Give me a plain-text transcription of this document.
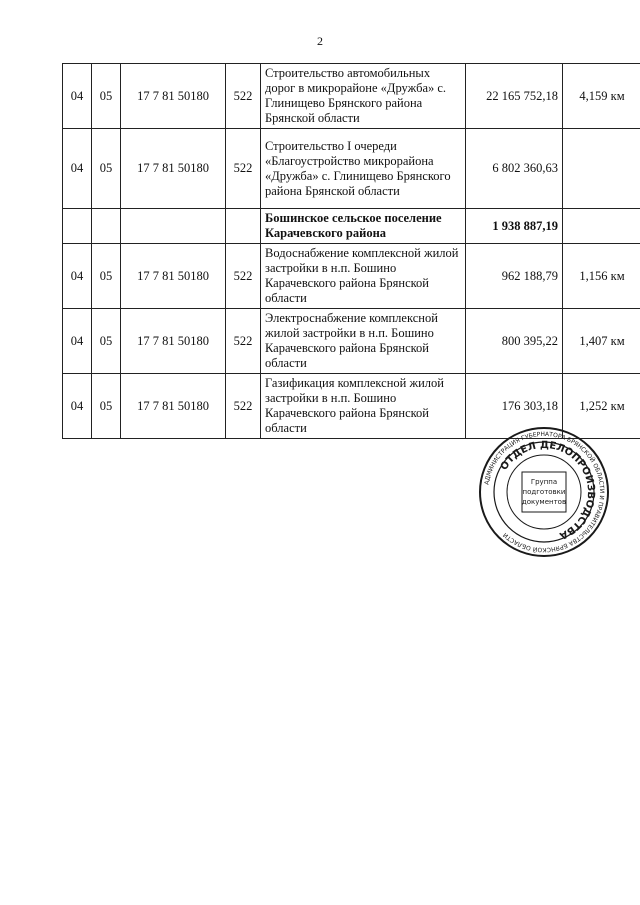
2
04	05	17 7 81 50180	522	Строительство автомобильных дорог в микрорайоне «Дружба» с. Глинищево Брянского района Брянской области	22 165 752,18	4,159 км
04	05	17 7 81 50180	522	Строительство I очереди «Благоустройство микрорайона «Дружба» с. Глинищево Брянского района Брянской области	6 802 360,63	
				Бошинское сельское поселение Карачевского района	1 938 887,19	
04	05	17 7 81 50180	522	Водоснабжение комплексной жилой застройки в н.п. Бошино Карачевского района Брянской области	962 188,79	1,156 км
04	05	17 7 81 50180	522	Электроснабжение комплексной жилой застройки в н.п. Бошино Карачевского района Брянской области	800 395,22	1,407 км
04	05	17 7 81 50180	522	Газификация комплексной жилой застройки в н.п. Бошино Карачевского района Брянской области	176 303,18	1,252 км
АДМИНИСТРАЦИЯ ГУБЕРНАТОРА БРЯНСКОЙ ОБЛАСТИ И ПРАВИТЕЛЬСТВА БРЯНСКОЙ ОБЛАСТИ
ОТДЕЛ ДЕЛОПРОИЗВОДСТВА
Группа
подготовки
документов
